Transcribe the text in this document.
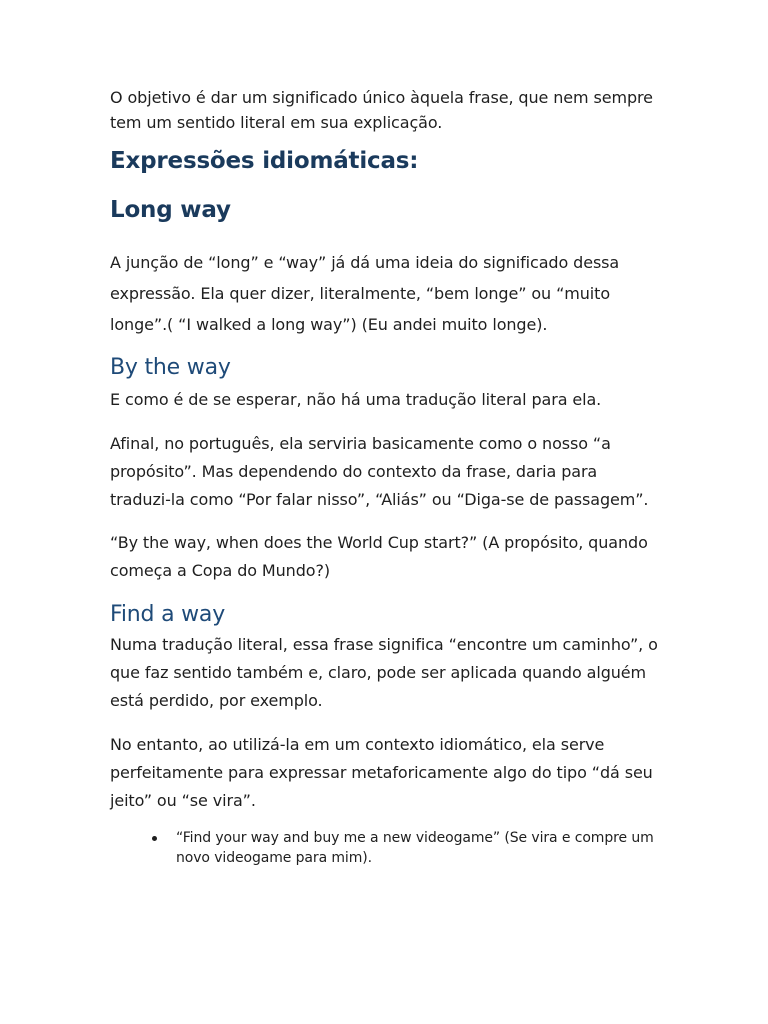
O objetivo é dar um significado único àquela frase, que nem sempre tem um sentido literal em sua explicação.

Expressões idiomáticas:
Long way

A junção de “long” e “way” já dá uma ideia do significado dessa expressão. Ela quer dizer, literalmente, “bem longe” ou “muito longe”.( “I walked a long way”) (Eu andei muito longe).

By the way

E como é de se esperar, não há uma tradução literal para ela.

Afinal, no português, ela serviria basicamente como o nosso “a propósito”. Mas dependendo do contexto da frase, daria para traduzi-la como “Por falar nisso”, “Aliás” ou “Diga-se de passagem”.

“By the way, when does the World Cup start?” (A propósito, quando começa a Copa do Mundo?)

Find a way

Numa tradução literal, essa frase significa “encontre um caminho”, o que faz sentido também e, claro, pode ser aplicada quando alguém está perdido, por exemplo.

No entanto, ao utilizá-la em um contexto idiomático, ela serve perfeitamente para expressar metaforicamente algo do tipo “dá seu jeito” ou “se vira”.

“Find your way and buy me a new videogame” (Se vira e compre um novo videogame para mim).
